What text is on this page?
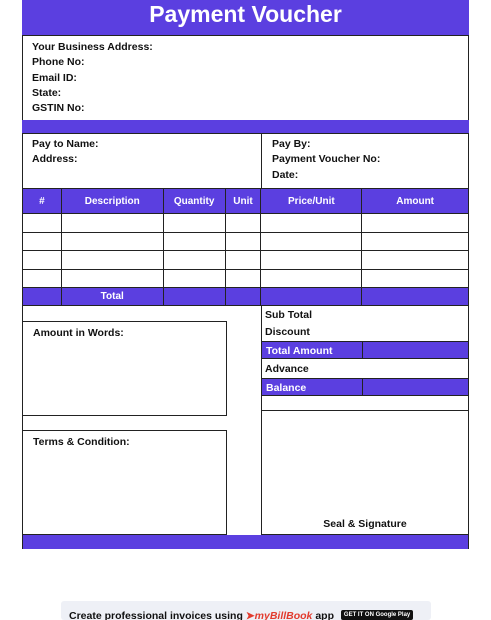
Payment Voucher
Your Business Address:
Phone No:
Email ID:
State:
GSTIN No:
Pay to Name:
Address:
Pay By:
Payment Voucher No:
Date:
#	Description	Quantity	Unit	Price/Unit	Amount

	Total				
Sub Total
Discount
Total Amount
Advance
Balance
Amount in Words:
Terms & Condition:
Seal & Signature
Create professional invoices using ➤myBillBook app GET IT ON Google Play
